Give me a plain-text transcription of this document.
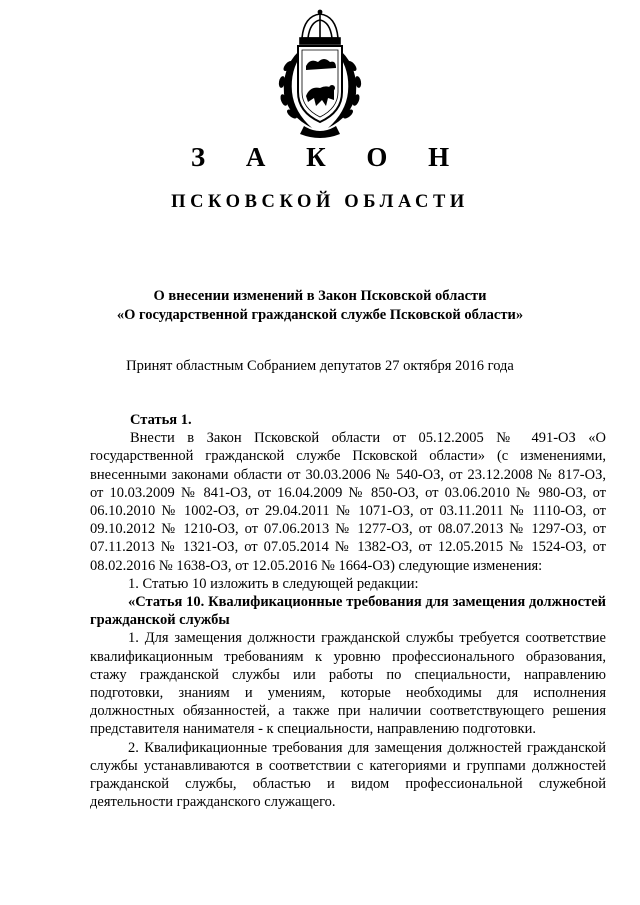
З А К О Н
ПСКОВСКОЙ ОБЛАСТИ
О внесении изменений в Закон Псковской области
«О государственной гражданской службе Псковской области»
Принят областным Собранием депутатов 27 октября 2016 года

Статья 1.

Внести в Закон Псковской области от 05.12.2005 № 491-ОЗ «О государственной гражданской службе Псковской области» (с изменениями, внесенными законами области от 30.03.2006 № 540-ОЗ, от 23.12.2008 № 817-ОЗ, от 10.03.2009 № 841-ОЗ, от 16.04.2009 № 850-ОЗ, от 03.06.2010 № 980-ОЗ, от 06.10.2010 № 1002-ОЗ, от 29.04.2011 № 1071-ОЗ, от 03.11.2011 № 1110-ОЗ, от 09.10.2012 № 1210-ОЗ, от 07.06.2013 № 1277-ОЗ, от 08.07.2013 № 1297-ОЗ, от 07.11.2013 № 1321-ОЗ, от 07.05.2014 № 1382-ОЗ, от 12.05.2015 № 1524-ОЗ, от 08.02.2016 № 1638-ОЗ, от 12.05.2016 № 1664-ОЗ) следующие изменения:

1. Статью 10 изложить в следующей редакции:

«Статья 10. Квалификационные требования для замещения должностей гражданской службы

1. Для замещения должности гражданской службы требуется соответствие квалификационным требованиям к уровню профессионального образования, стажу гражданской службы или работы по специальности, направлению подготовки, знаниям и умениям, которые необходимы для исполнения должностных обязанностей, а также при наличии соответствующего решения представителя нанимателя - к специальности, направлению подготовки.

2. Квалификационные требования для замещения должностей гражданской службы устанавливаются в соответствии с категориями и группами должностей гражданской службы, областью и видом профессиональной служебной деятельности гражданского служащего.
